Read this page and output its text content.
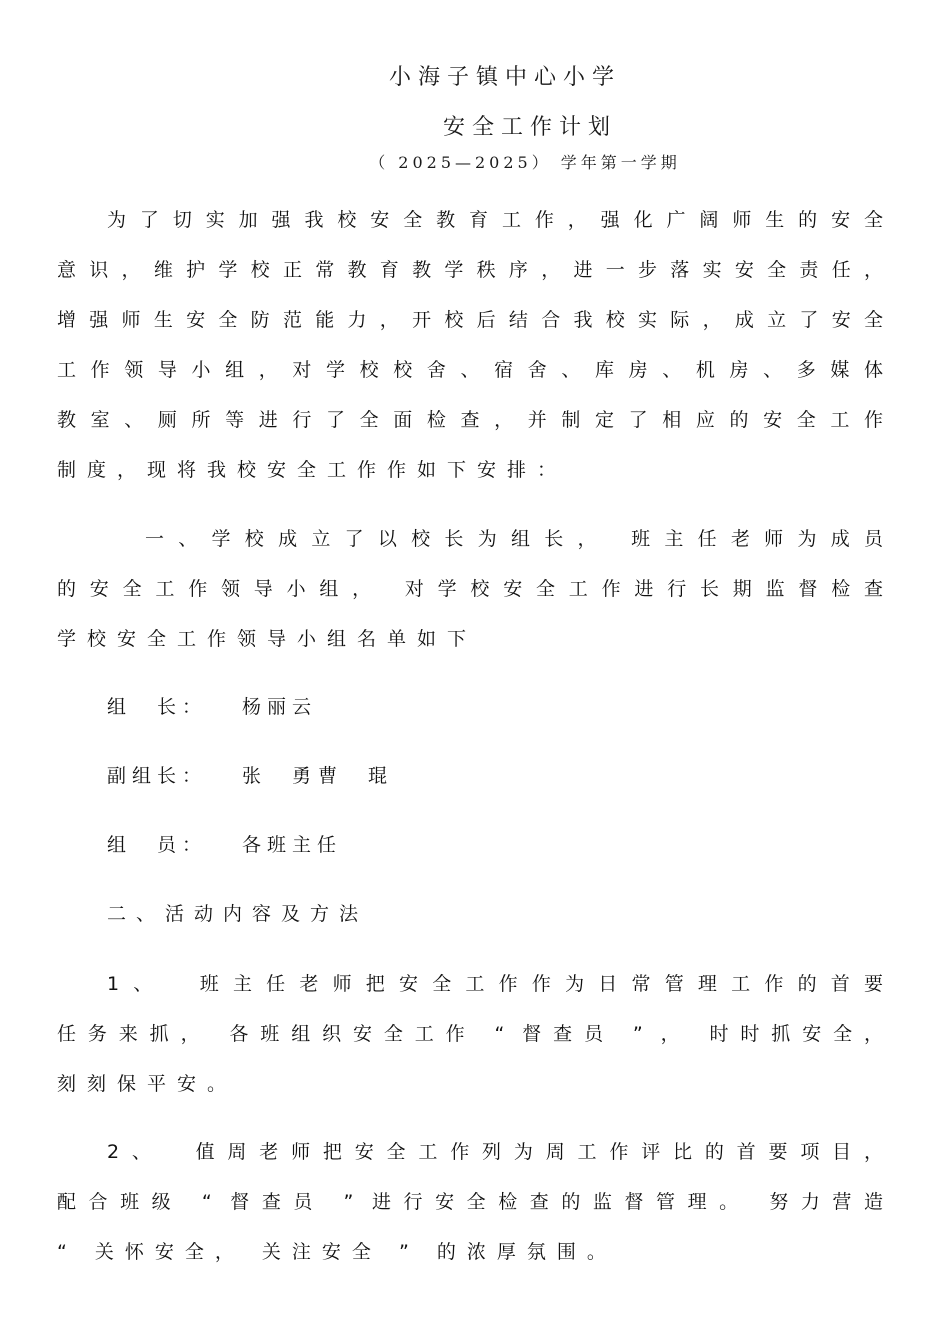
小海子镇中心小学
安全工作计划
（ 2025—2025） 学年第一学期
为​了​切​实​加​强​我​校​安​全​教​育​工​作​，​强​化​广​阔​师​生​的​安​全
意​识​，​维​护​学​校​正​常​教​育​教​学​秩​序​，​进​一​步​落​实​安​全​责​任​，
增​强​师​生​安​全​防​范​能​力​，​开​校​后​结​合​我​校​实​际​，​成​立​了​安​全
工​作​领​导​小​组​，​对​学​校​校​舍​、​宿​舍​、​库​房​、​机​房​、​多​媒​体
教​室​、​厕​所​等​进​行​了​全​面​检​查​，​并​制​定​了​相​应​的​安​全​工​作
制度，现将我校安全工作作如下安排：
一​、​学​校​成​立​了​以​校​长​为​组​长​，​ ​班​主​任​老​师​为​成​员
的​安​全​工​作​领​导​小​组​，​ ​对​学​校​安​全​工​作​进​行​长​期​监​督​检​查
学校安全工作领导小组名单如下
组　长： 杨丽云
副组长： 张　勇曹　琨
组　员： 各班主任
二、活动内容及方法
1​、​　​班​主​任​老​师​把​安​全​工​作​作​为​日​常​管​理​工​作​的​首​要
任​务​来​抓​，​ ​各​班​组​织​安​全​工​作​ ​“​ ​督​查​员​ ​”​ ​，​ ​时​时​抓​安​全​，
刻刻保平安。
2​、​　​值​周​老​师​把​安​全​工​作​列​为​周​工​作​评​比​的​首​要​项​目​，
配​合​班​级​ ​“​ ​督​查​员​ ​”​ ​进​行​安​全​检​查​的​监​督​管​理​。​ ​努​力​营​造
“ 关怀安全， 关注安全 ” 的浓厚氛围。
